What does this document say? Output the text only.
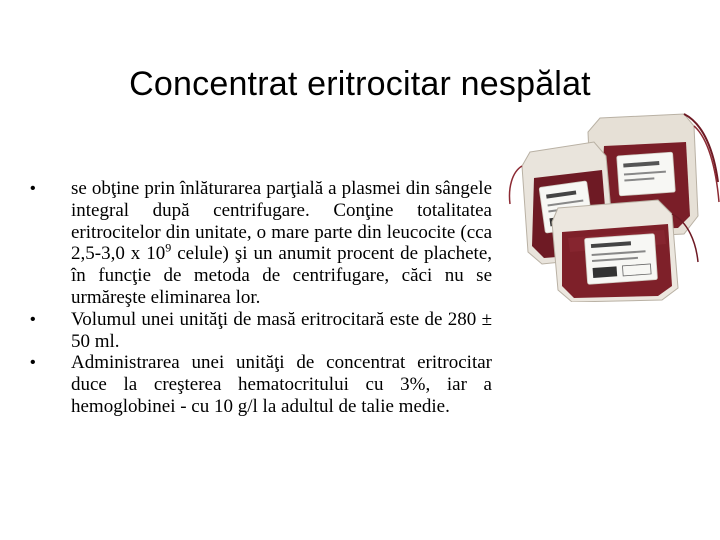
Concentrat eritrocitar nespălat
• se obţine prin înlăturarea parţială a plasmei din sângele integral după centrifugare. Conţine totalitatea eritrocitelor din unitate, o mare parte din leucocite (cca 2,5-3,0 x $10^9$ celule) şi un anumit procent de plachete, în funcţie de metoda de centrifugare, căci nu se urmăreşte eliminarea lor.
• Volumul unei unităţi de masă eritrocitară este de 280 ± 50 ml.
• Administrarea unei unităţi de concentrat eritrocitar duce la creşterea hematocritului cu 3%, iar a hemoglobinei - cu 10 g/l la adultul de talie medie.
